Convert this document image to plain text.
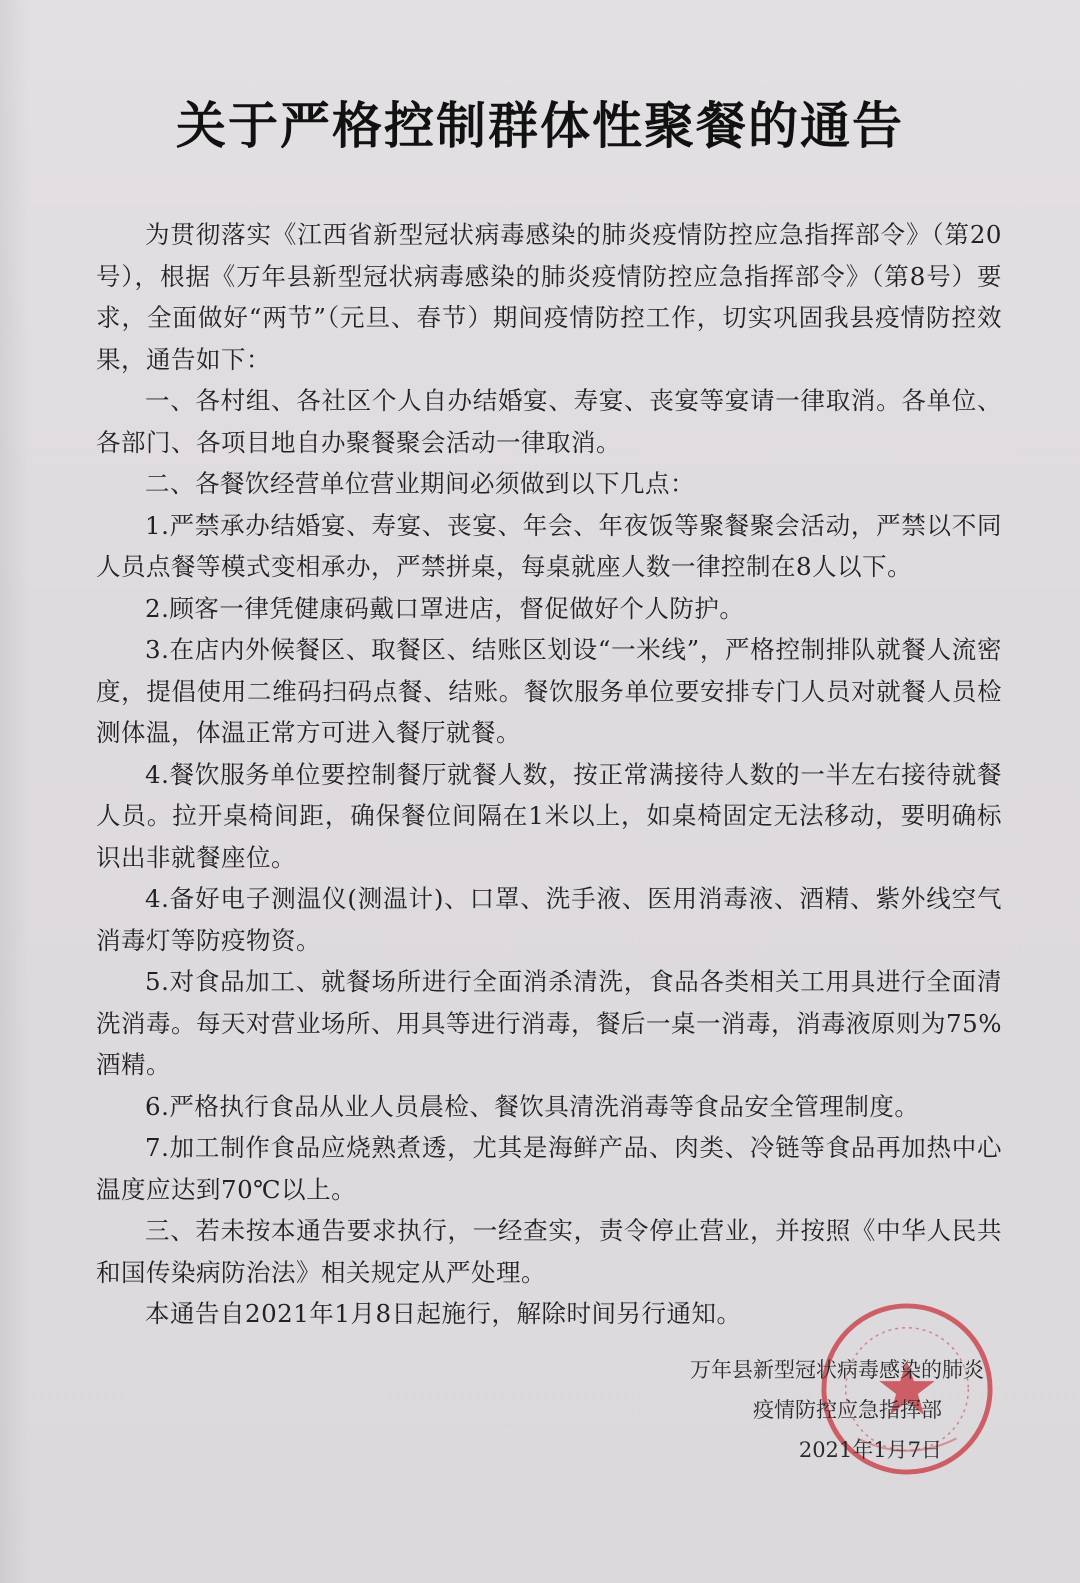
关于严格控制群体性聚餐的通告

为贯彻落实《江西省新型冠状病毒感染的肺炎疫情防控应急指挥部令》（第20号），根据《万年县新型冠状病毒感染的肺炎疫情防控应急指挥部令》（第8号）要求，全面做好“两节”（元旦、春节）期间疫情防控工作，切实巩固我县疫情防控效果，通告如下：

一、各村组、各社区个人自办结婚宴、寿宴、丧宴等宴请一律取消。各单位、各部门、各项目地自办聚餐聚会活动一律取消。

二、各餐饮经营单位营业期间必须做到以下几点：

1.严禁承办结婚宴、寿宴、丧宴、年会、年夜饭等聚餐聚会活动，严禁以不同人员点餐等模式变相承办，严禁拼桌，每桌就座人数一律控制在8人以下。

2.顾客一律凭健康码戴口罩进店，督促做好个人防护。

3.在店内外候餐区、取餐区、结账区划设“一米线”，严格控制排队就餐人流密度，提倡使用二维码扫码点餐、结账。餐饮服务单位要安排专门人员对就餐人员检测体温，体温正常方可进入餐厅就餐。

4.餐饮服务单位要控制餐厅就餐人数，按正常满接待人数的一半左右接待就餐人员。拉开桌椅间距，确保餐位间隔在1米以上，如桌椅固定无法移动，要明确标识出非就餐座位。

4.备好电子测温仪(测温计)、口罩、洗手液、医用消毒液、酒精、紫外线空气消毒灯等防疫物资。

5.对食品加工、就餐场所进行全面消杀清洗，食品各类相关工用具进行全面清洗消毒。每天对营业场所、用具等进行消毒，餐后一桌一消毒，消毒液原则为75%酒精。

6.严格执行食品从业人员晨检、餐饮具清洗消毒等食品安全管理制度。

7.加工制作食品应烧熟煮透，尤其是海鲜产品、肉类、冷链等食品再加热中心温度应达到70℃以上。

三、若未按本通告要求执行，一经查实，责令停止营业，并按照《中华人民共和国传染病防治法》相关规定从严处理。

本通告自2021年1月8日起施行，解除时间另行通知。

万年县新型冠状病毒感染的肺炎
疫情防控应急指挥部
2021年1月7日
